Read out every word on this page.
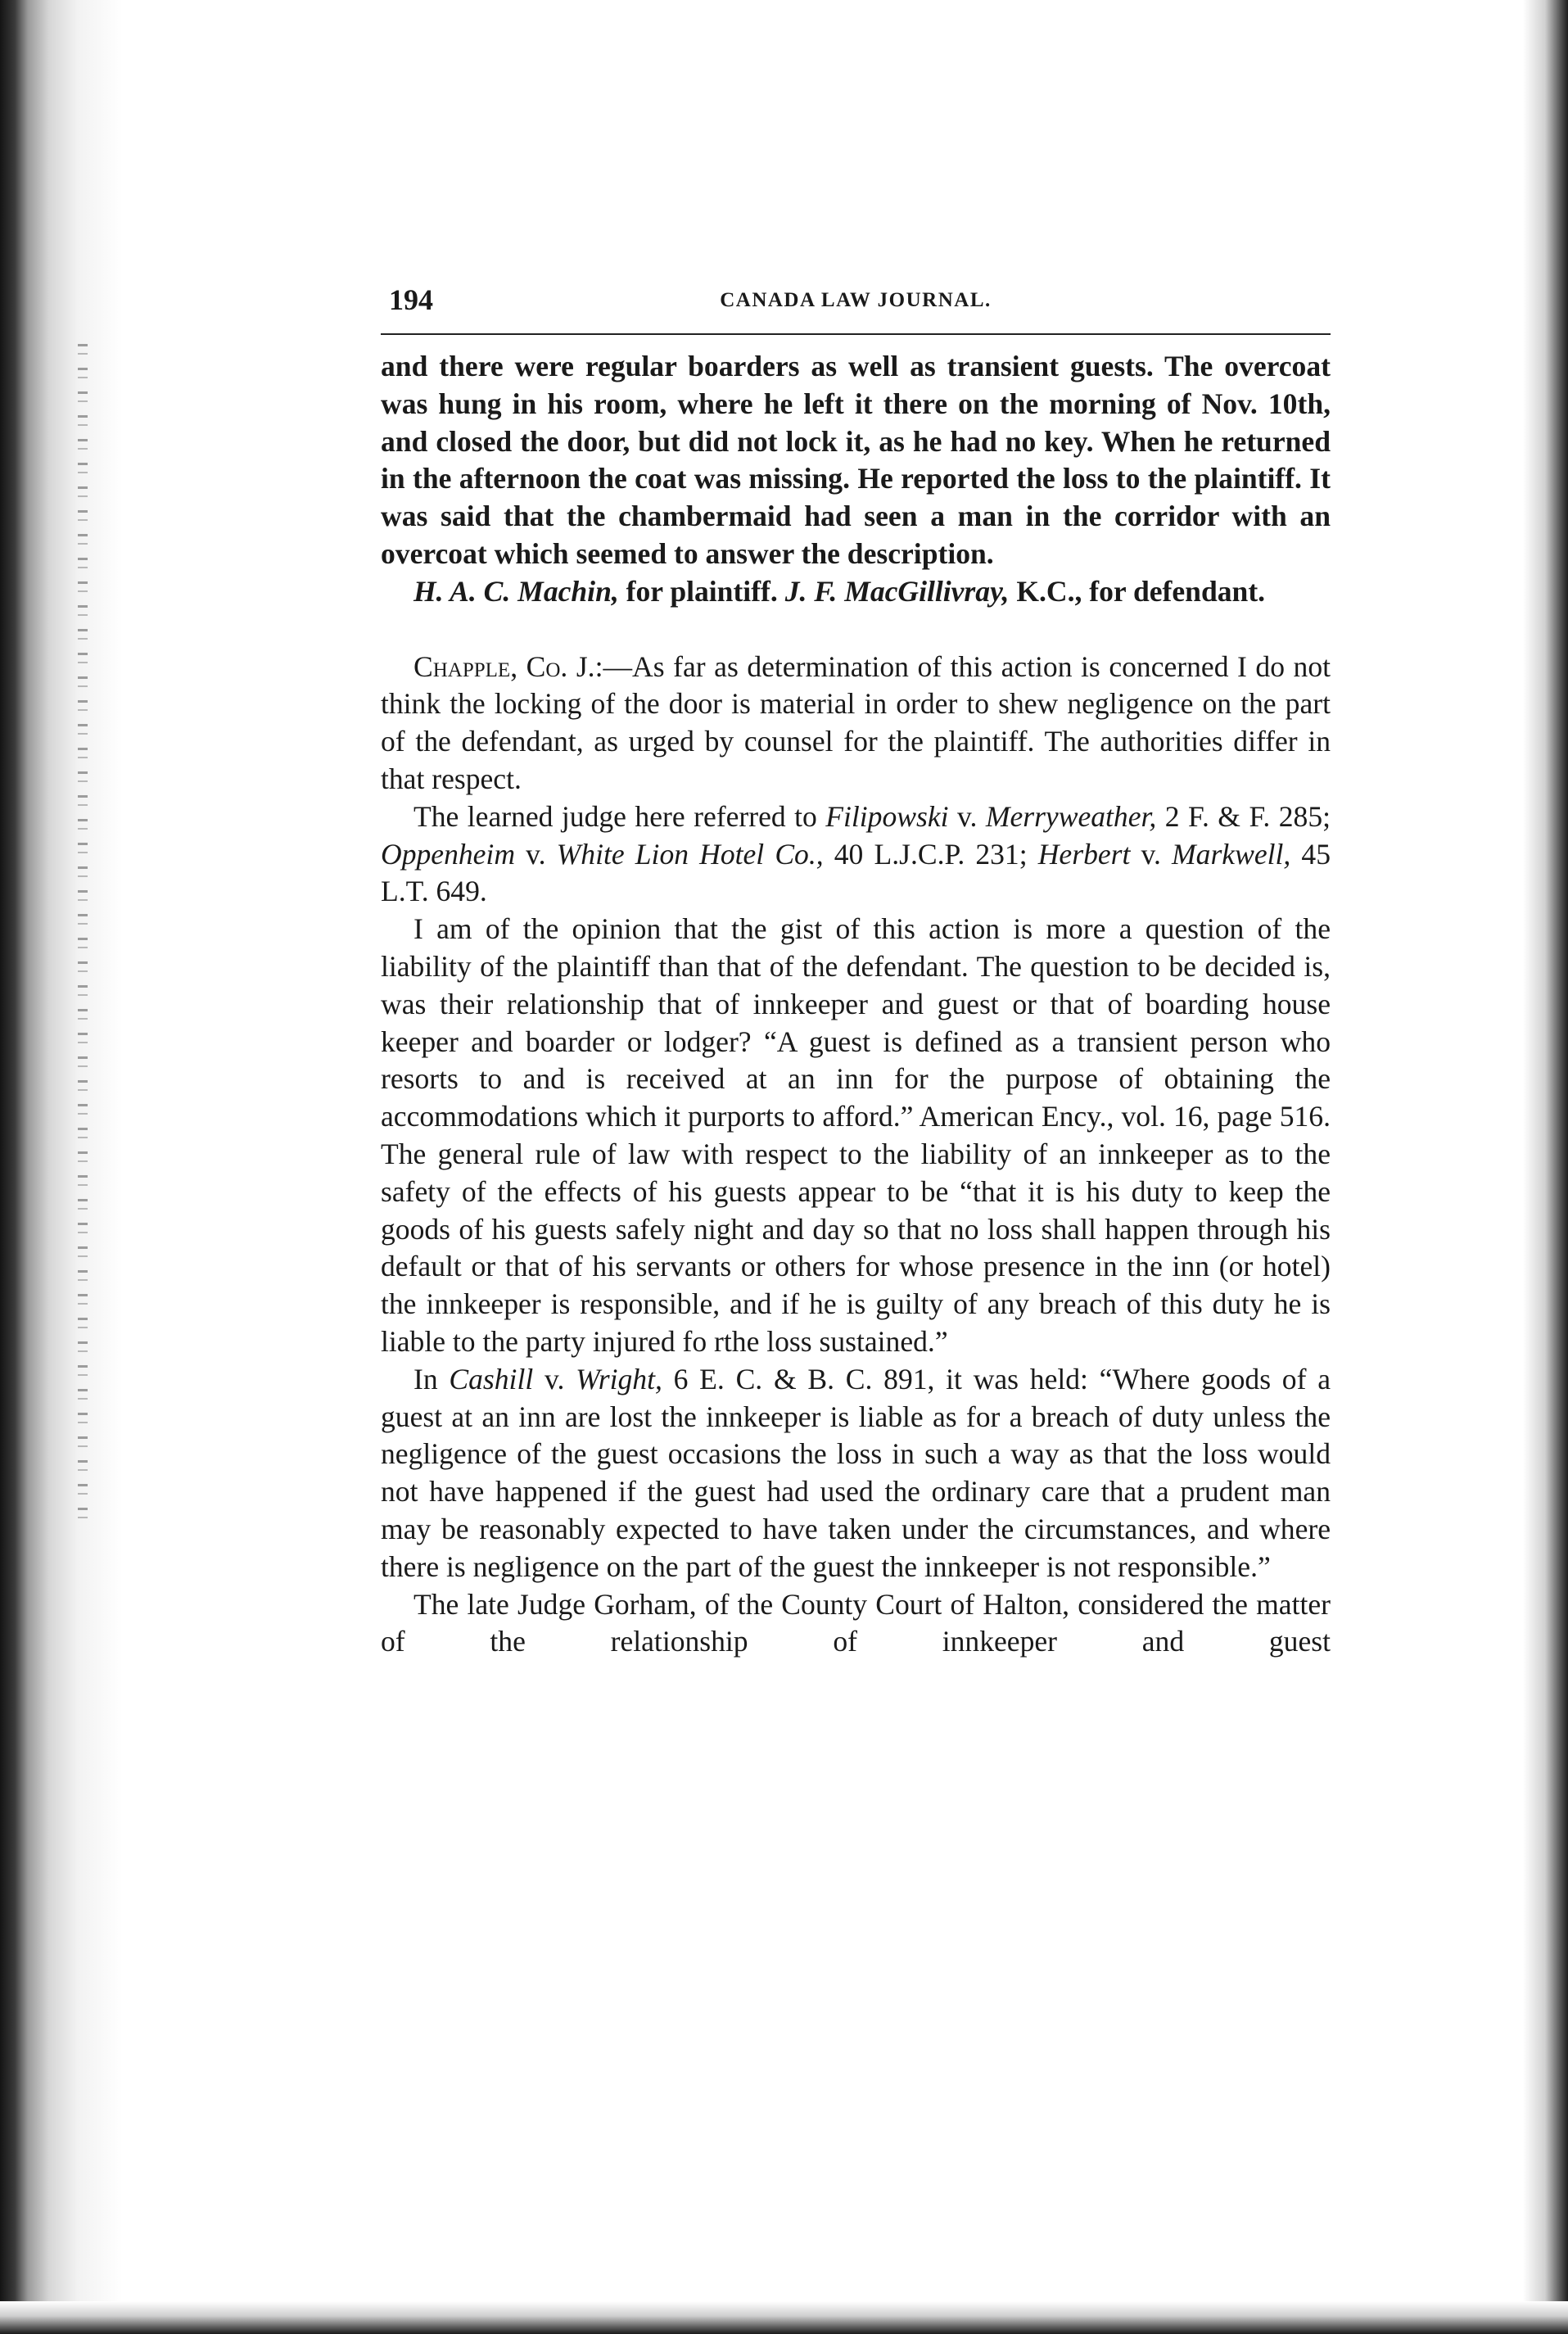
194	CANADA LAW JOURNAL.

and there were regular boarders as well as transient guests. The overcoat was hung in his room, where he left it there on the morning of Nov. 10th, and closed the door, but did not lock it, as he had no key. When he returned in the afternoon the coat was missing. He reported the loss to the plaintiff. It was said that the chambermaid had seen a man in the corridor with an overcoat which seemed to answer the description.

H. A. C. Machin, for plaintiff. J. F. MacGillivray, K.C., for defendant.

Chapple, Co. J.:—As far as determination of this action is concerned I do not think the locking of the door is material in order to shew negligence on the part of the defendant, as urged by counsel for the plaintiff. The authorities differ in that respect.

The learned judge here referred to Filipowski v. Merryweather, 2 F. & F. 285; Oppenheim v. White Lion Hotel Co., 40 L.J.C.P. 231; Herbert v. Markwell, 45 L.T. 649.

I am of the opinion that the gist of this action is more a question of the liability of the plaintiff than that of the defendant. The question to be decided is, was their relationship that of innkeeper and guest or that of boarding house keeper and boarder or lodger? “A guest is defined as a transient person who resorts to and is received at an inn for the purpose of obtaining the accommodations which it purports to afford.” American Ency., vol. 16, page 516. The general rule of law with respect to the liability of an innkeeper as to the safety of the effects of his guests appear to be “that it is his duty to keep the goods of his guests safely night and day so that no loss shall happen through his default or that of his servants or others for whose presence in the inn (or hotel) the innkeeper is responsible, and if he is guilty of any breach of this duty he is liable to the party injured fo rthe loss sustained.”

In Cashill v. Wright, 6 E. C. & B. C. 891, it was held: “Where goods of a guest at an inn are lost the innkeeper is liable as for a breach of duty unless the negligence of the guest occasions the loss in such a way as that the loss would not have happened if the guest had used the ordinary care that a prudent man may be reasonably expected to have taken under the circumstances, and where there is negligence on the part of the guest the innkeeper is not responsible.”

The late Judge Gorham, of the County Court of Halton, considered the matter of the relationship of innkeeper and guest
